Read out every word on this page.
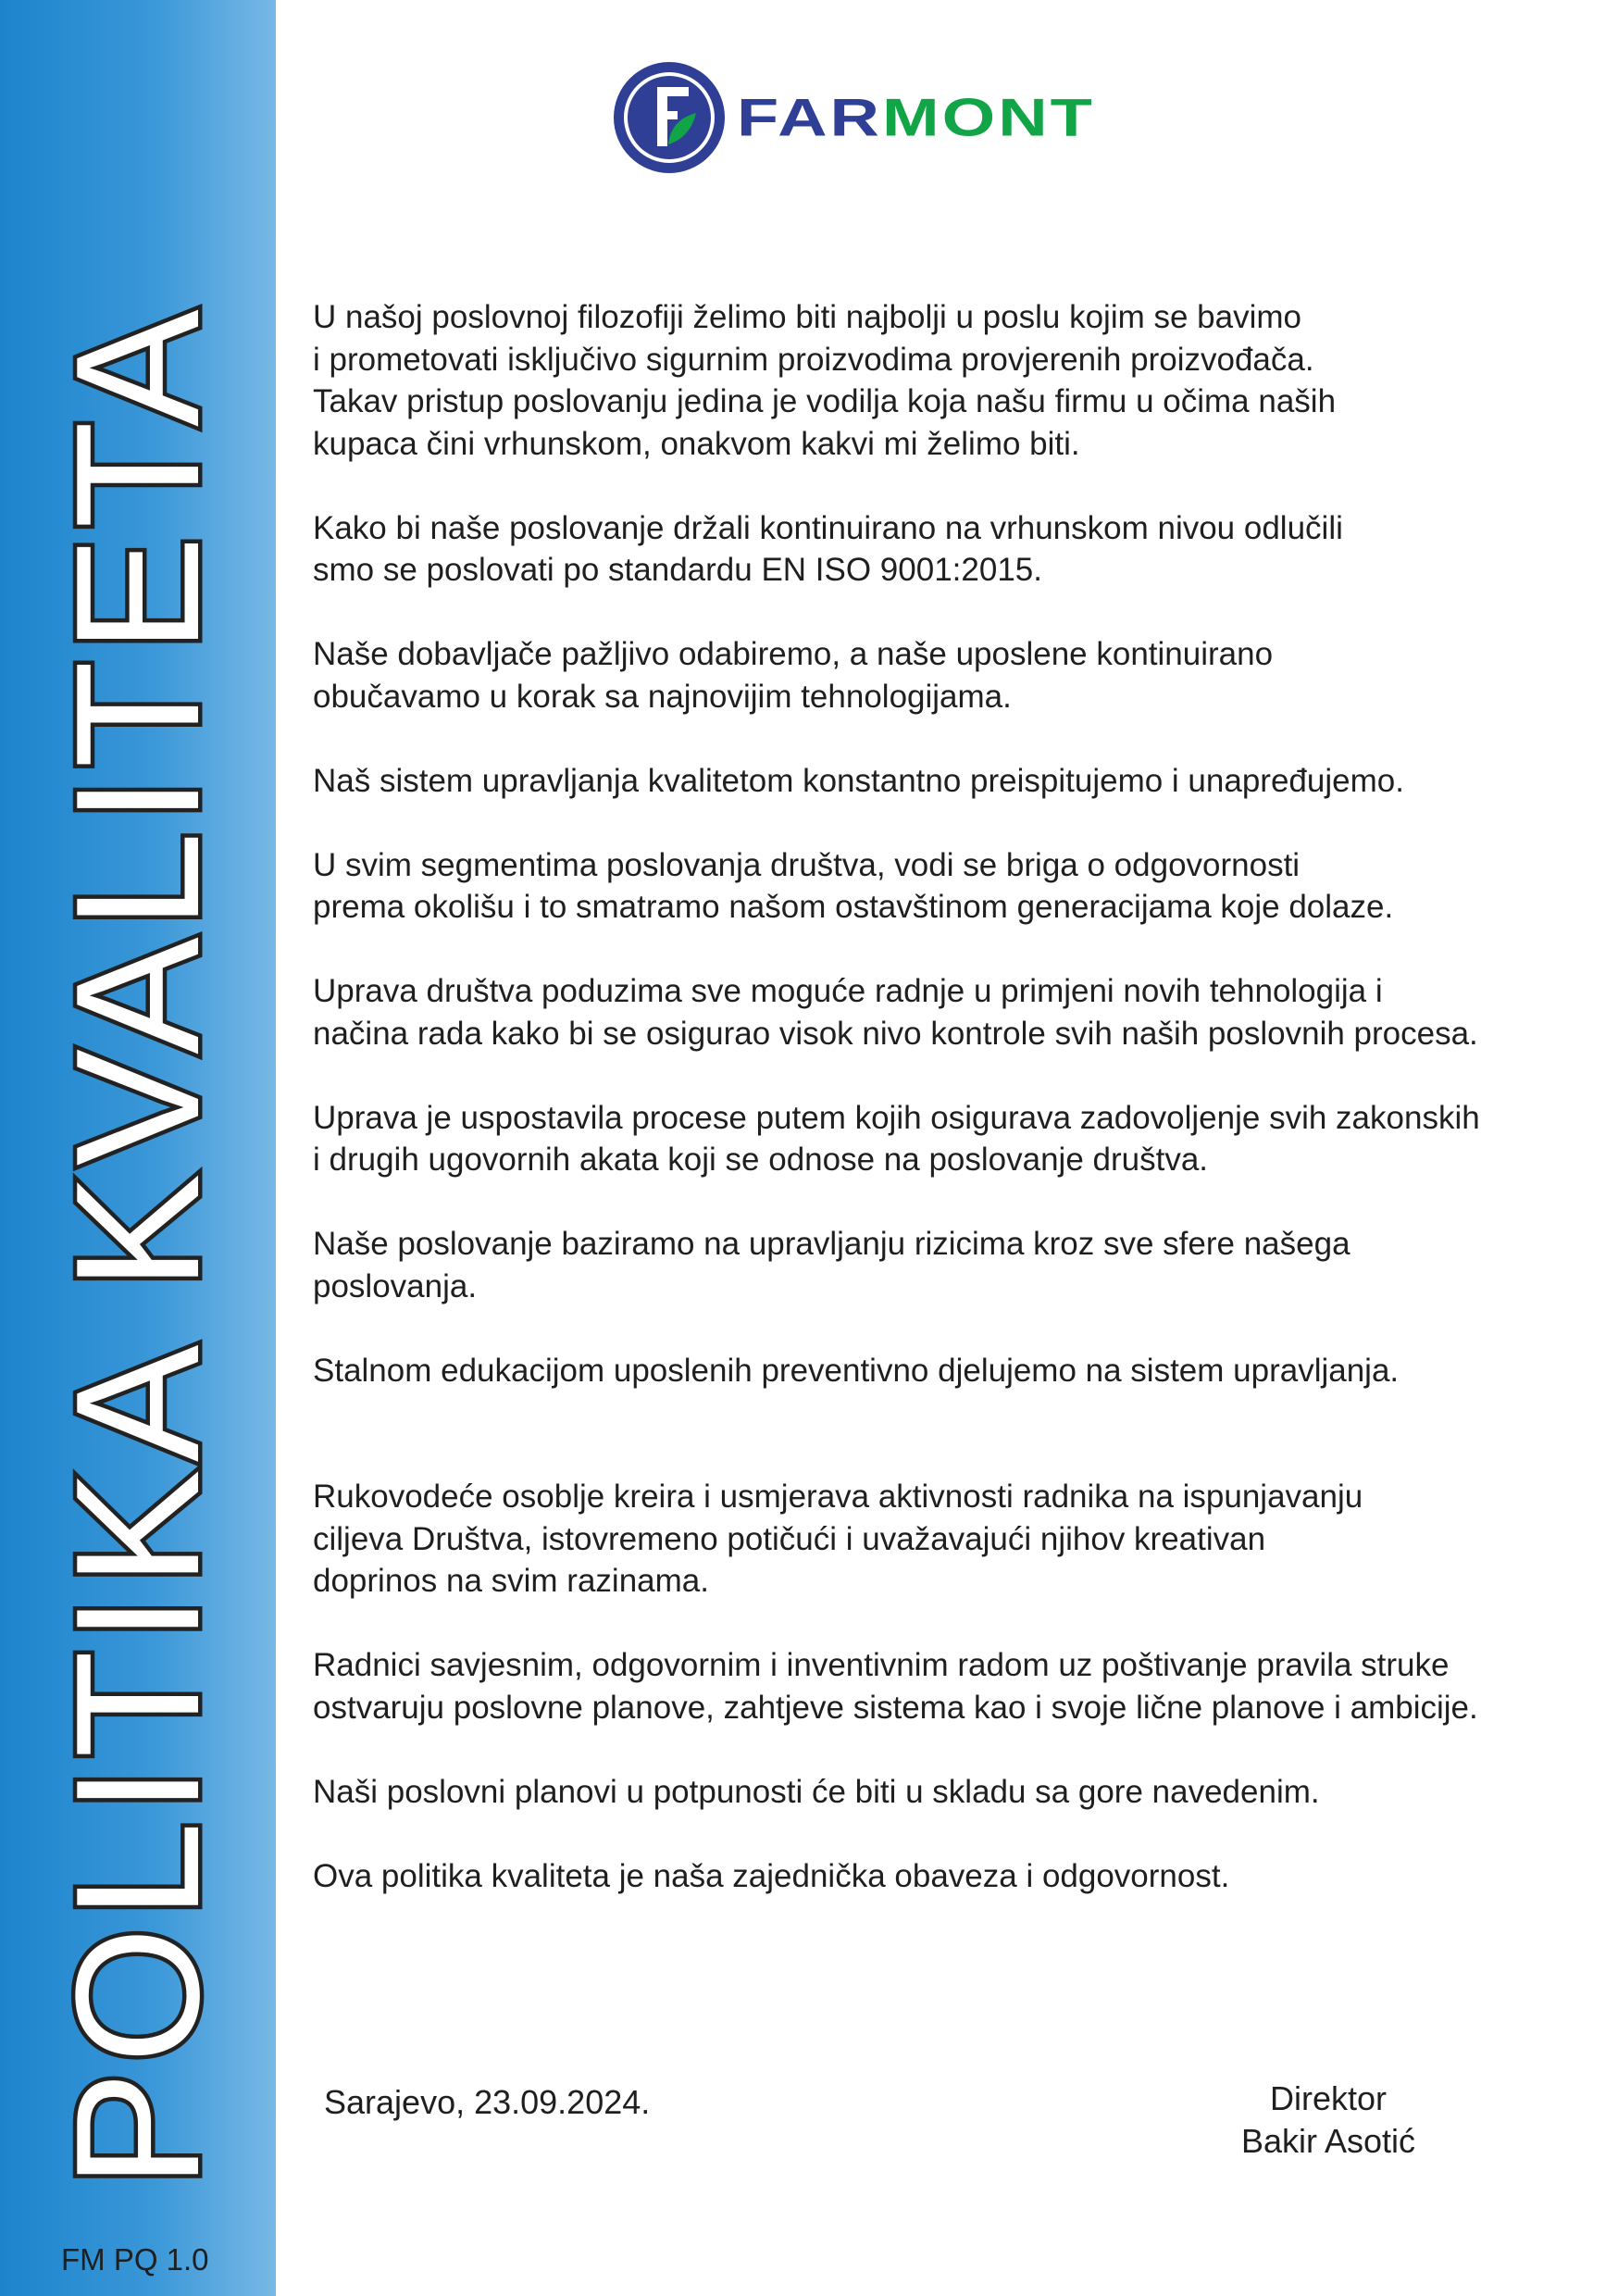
POLITIKA KVALITETA
FM PQ 1.0
FARMONT

U našoj poslovnoj filozofiji želimo biti najbolji u poslu kojim se bavimo
i prometovati isključivo sigurnim proizvodima provjerenih proizvođača.
Takav pristup poslovanju jedina je vodilja koja našu firmu u očima naših
kupaca čini vrhunskom, onakvom kakvi mi želimo biti.

Kako bi naše poslovanje držali kontinuirano na vrhunskom nivou odlučili
smo se poslovati po standardu EN ISO 9001:2015.

Naše dobavljače pažljivo odabiremo, a naše uposlene kontinuirano
obučavamo u korak sa najnovijim tehnologijama.

Naš sistem upravljanja kvalitetom konstantno preispitujemo i unapređujemo.

U svim segmentima poslovanja društva, vodi se briga o odgovornosti
prema okolišu i to smatramo našom ostavštinom generacijama koje dolaze.

Uprava društva poduzima sve moguće radnje u primjeni novih tehnologija i
načina rada kako bi se osigurao visok nivo kontrole svih naših poslovnih procesa.

Uprava je uspostavila procese putem kojih osigurava zadovoljenje svih zakonskih
i drugih ugovornih akata koji se odnose na poslovanje društva.

Naše poslovanje baziramo na upravljanju rizicima kroz sve sfere našega
poslovanja.

Stalnom edukacijom uposlenih preventivno djelujemo na sistem upravljanja.

Rukovodeće osoblje kreira i usmjerava aktivnosti radnika na ispunjavanju
ciljeva Društva, istovremeno potičući i uvažavajući njihov kreativan
doprinos na svim razinama.

Radnici savjesnim, odgovornim i inventivnim radom uz poštivanje pravila struke
ostvaruju poslovne planove, zahtjeve sistema kao i svoje lične planove i ambicije.

Naši poslovni planovi u potpunosti će biti u skladu sa gore navedenim.

Ova politika kvaliteta je naša zajednička obaveza i odgovornost.

Sarajevo, 23.09.2024.	Direktor
Bakir Asotić
